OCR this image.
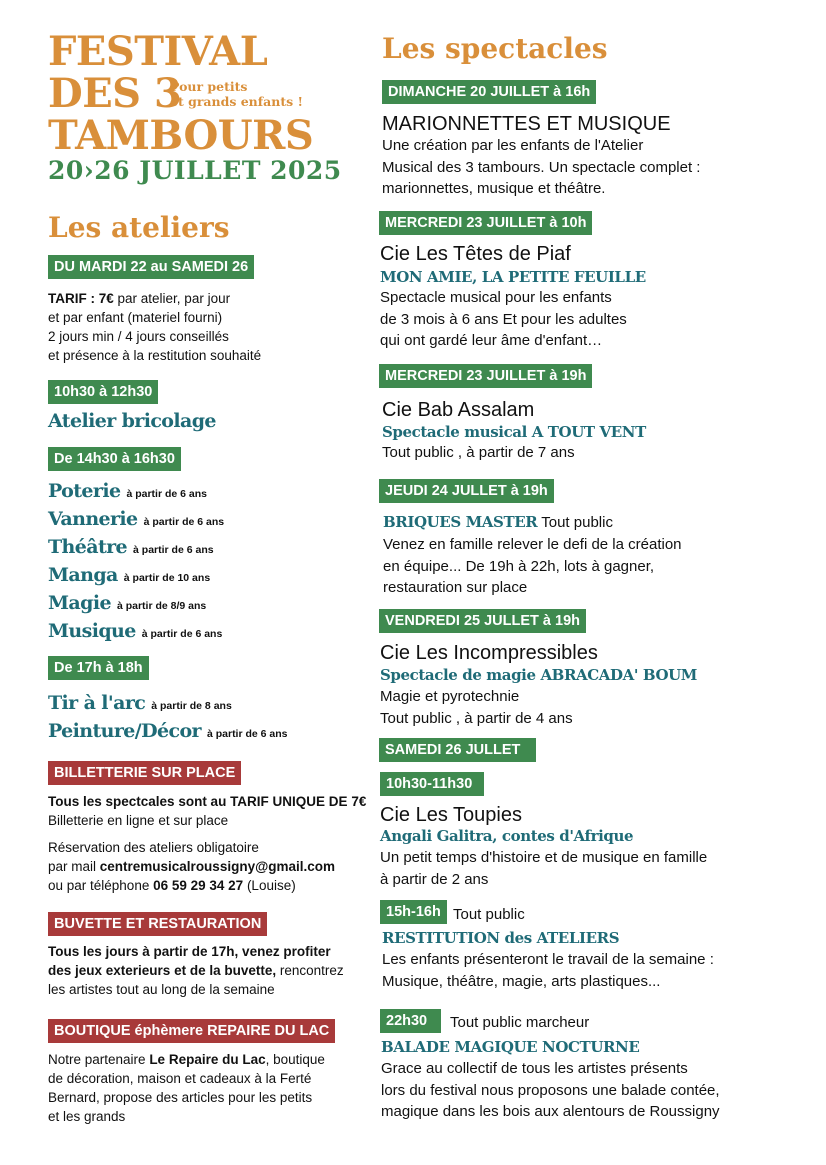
FESTIVAL
DES 3
Pour petits
et grands enfants !
TAMBOURS
20›26 JUILLET 2025
Les ateliers
DU MARDI 22 au SAMEDI 26
TARIF : 7€ par atelier, par jour
et par enfant (materiel fourni)
2 jours min / 4 jours conseillés
et présence à la restitution souhaité
10h30 à 12h30
Atelier bricolage
De 14h30 à 16h30
Poterie à partir de 6 ans
Vannerie à partir de 6 ans
Théâtre à partir de 6 ans
Manga à partir de 10 ans
Magie à partir de 8/9 ans
Musique à partir de 6 ans
De 17h à 18h
Tir à l'arc à partir de 8 ans
Peinture/Décor à partir de 6 ans
BILLETTERIE SUR PLACE
Tous les spectcales sont au TARIF UNIQUE DE 7€
Billetterie en ligne et sur place
Réservation des ateliers obligatoire
par mail centremusicalroussigny@gmail.com
ou par téléphone 06 59 29 34 27 (Louise)
BUVETTE ET RESTAURATION
Tous les jours à partir de 17h, venez profiter
des jeux exterieurs et de la buvette, rencontrez
les artistes tout au long de la semaine
BOUTIQUE éphèmere REPAIRE DU LAC
Notre partenaire Le Repaire du Lac, boutique
de décoration, maison et cadeaux à la Ferté
Bernard, propose des articles pour les petits
et les grands
Les spectacles
DIMANCHE 20 JUILLET à 16h
MARIONNETTES ET MUSIQUE
Une création par les enfants de l'Atelier
Musical des 3 tambours. Un spectacle complet :
marionnettes, musique et théâtre.
MERCREDI 23 JUILLET à 10h
Cie Les Têtes de Piaf
MON AMIE, LA PETITE FEUILLE
Spectacle musical pour les enfants
de 3 mois à 6 ans Et pour les adultes
qui ont gardé leur âme d'enfant…
MERCREDI 23 JUILLET à 19h
Cie Bab Assalam
Spectacle musical A TOUT VENT
Tout public , à partir de 7 ans
JEUDI 24 JULLET à 19h
BRIQUES MASTER Tout public
Venez en famille relever le defi de la création
en équipe... De 19h à 22h, lots à gagner,
restauration sur place
VENDREDI 25 JULLET à 19h
Cie Les Incompressibles
Spectacle de magie ABRACADA' BOUM
Magie et pyrotechnie
Tout public , à partir de 4 ans
SAMEDI 26 JULLET
10h30-11h30
Cie Les Toupies
Angali Galitra, contes d'Afrique
Un petit temps d'histoire et de musique en famille
à partir de 2 ans
15h-16h Tout public
RESTITUTION des ATELIERS
Les enfants présenteront le travail de la semaine :
Musique, théâtre, magie, arts plastiques...
22h30	Tout public marcheur
BALADE MAGIQUE NOCTURNE
Grace au collectif de tous les artistes présents
lors du festival nous proposons une balade contée,
magique dans les bois aux alentours de Roussigny
